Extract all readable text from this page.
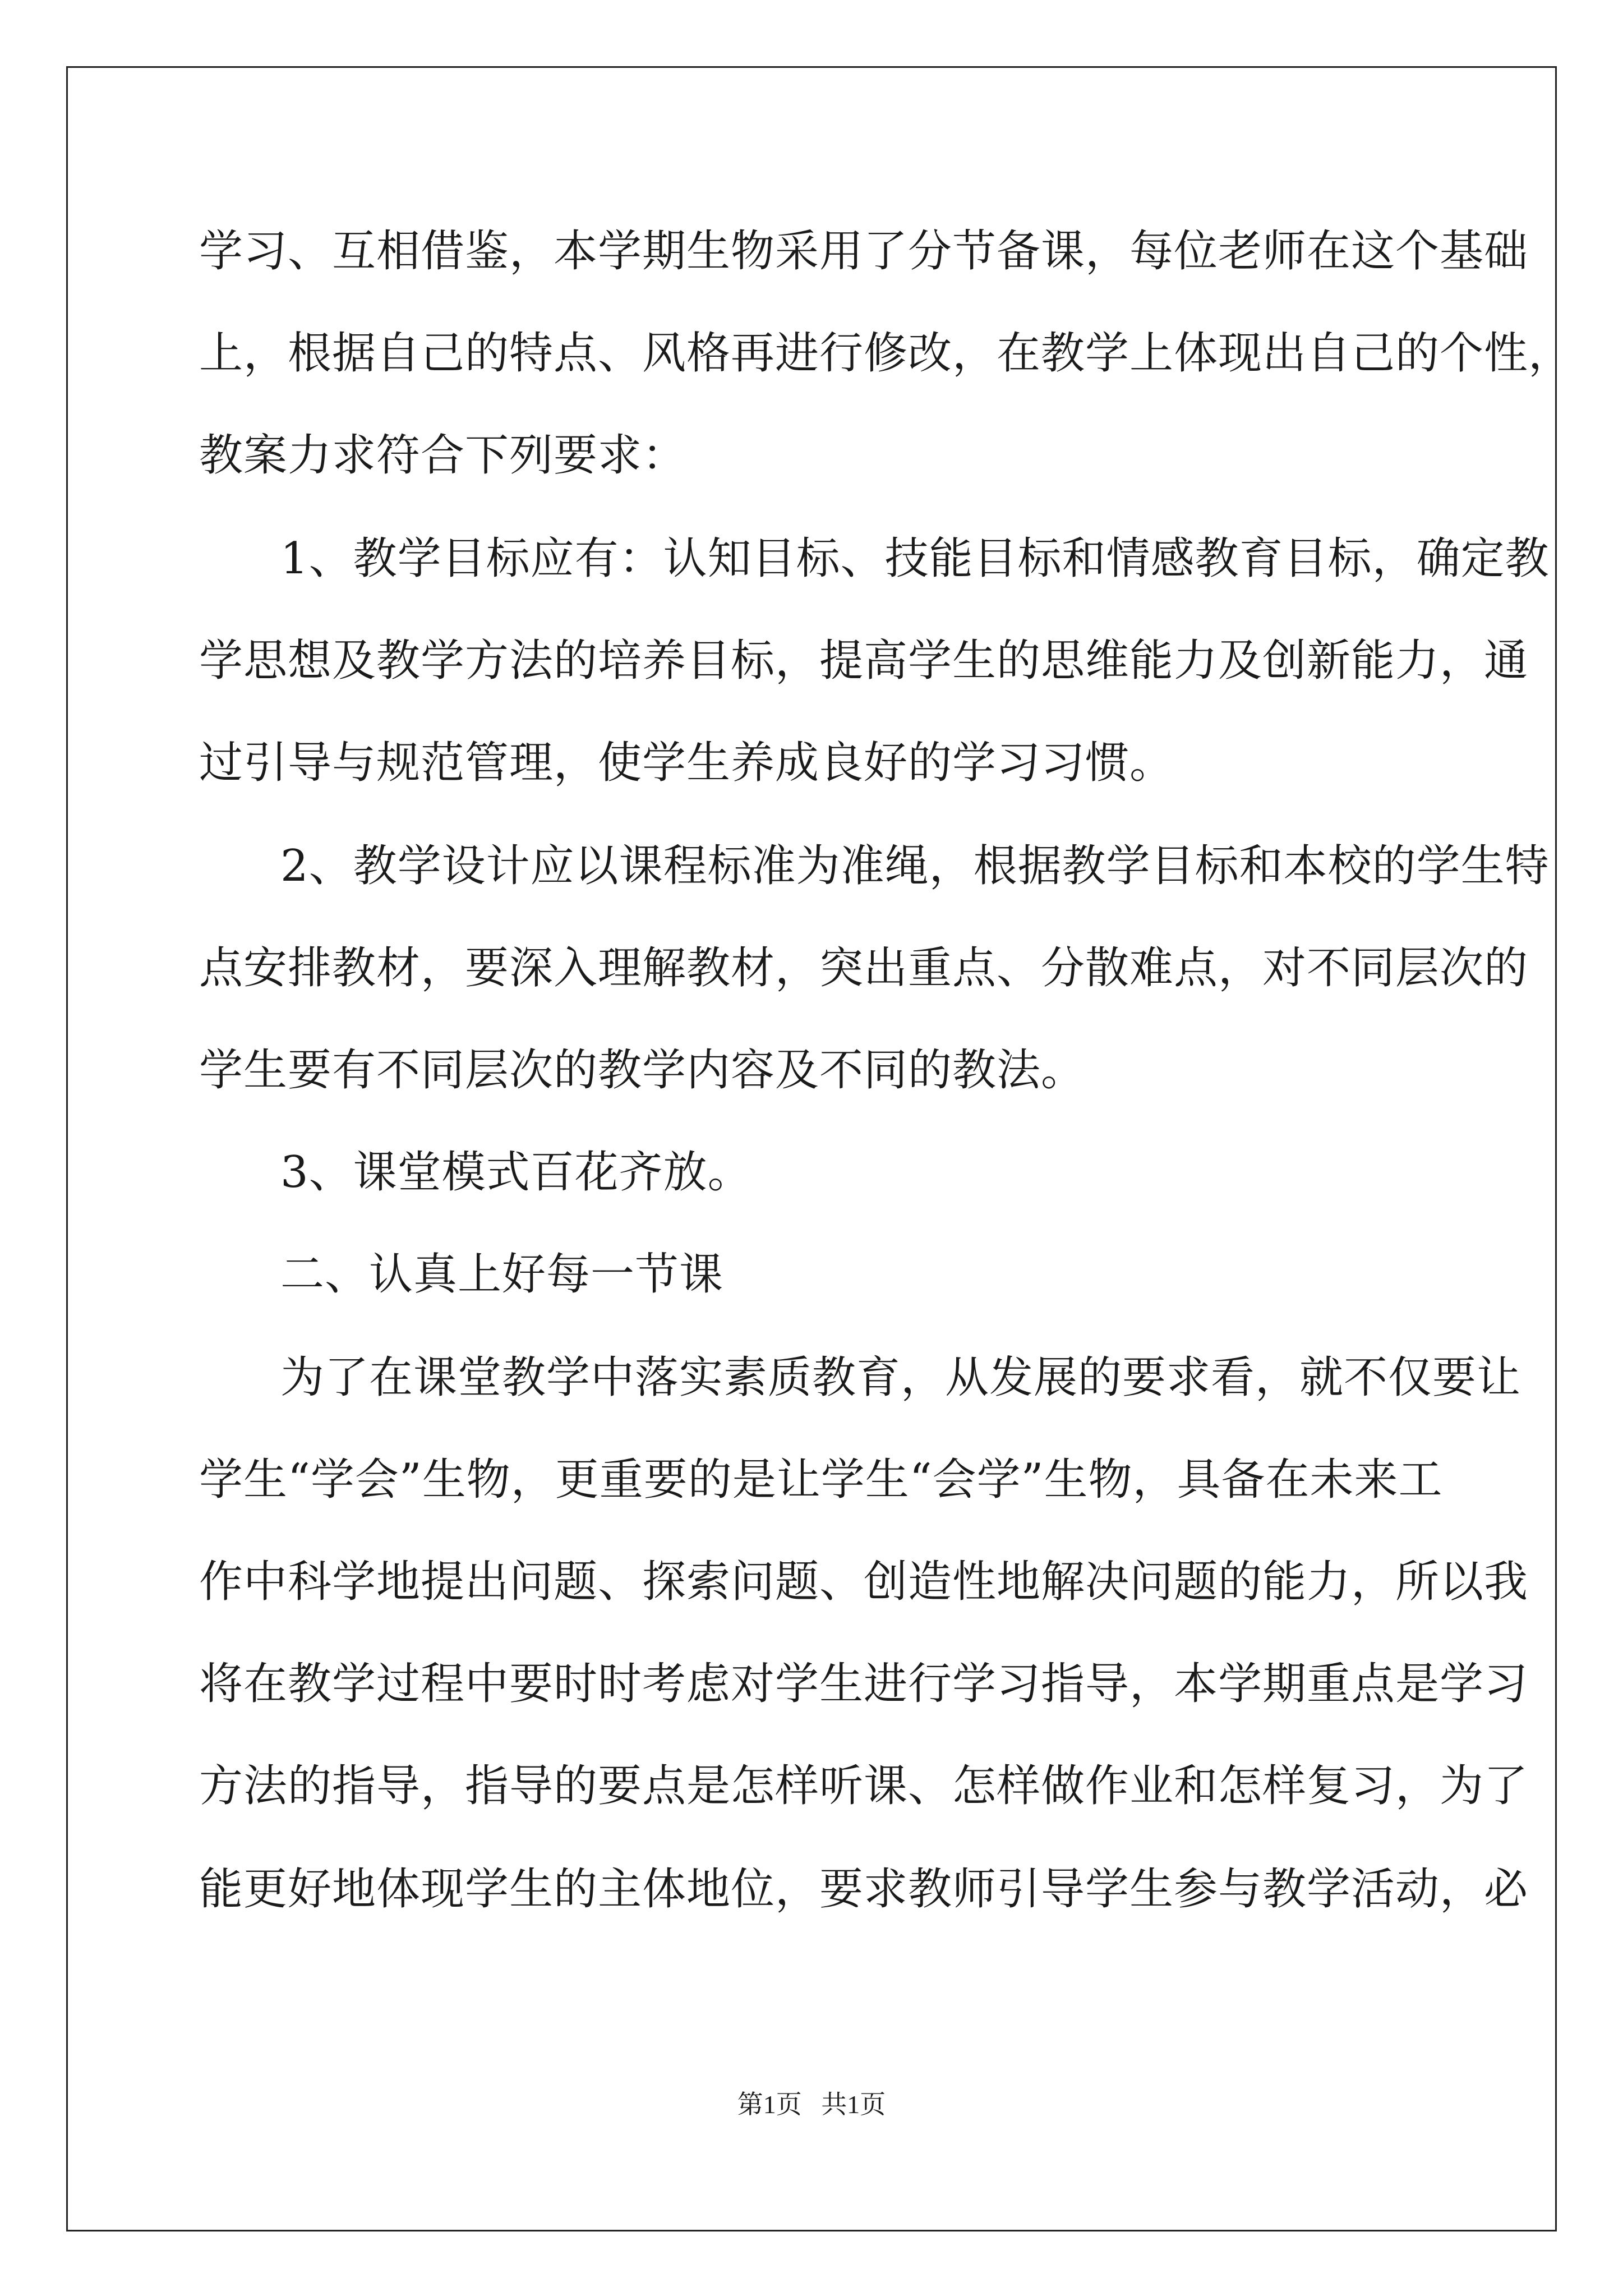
学习、互相借鉴，本学期生物采用了分节备课，每位老师在这个基础
上，根据自己的特点、风格再进行修改，在教学上体现出自己的个性，
教案力求符合下列要求：
1、教学目标应有：认知目标、技能目标和情感教育目标，确定教
学思想及教学方法的培养目标，提高学生的思维能力及创新能力，通
过引导与规范管理，使学生养成良好的学习习惯。
2、教学设计应以课程标准为准绳，根据教学目标和本校的学生特
点安排教材，要深入理解教材，突出重点、分散难点，对不同层次的
学生要有不同层次的教学内容及不同的教法。
3、课堂模式百花齐放。
二、认真上好每一节课
为了在课堂教学中落实素质教育，从发展的要求看，就不仅要让
学生“学会”生物，更重要的是让学生“会学”生物，具备在未来工
作中科学地提出问题、探索问题、创造性地解决问题的能力，所以我
将在教学过程中要时时考虑对学生进行学习指导，本学期重点是学习
方法的指导，指导的要点是怎样听课、怎样做作业和怎样复习，为了
能更好地体现学生的主体地位，要求教师引导学生参与教学活动，必
第1页   共1页
